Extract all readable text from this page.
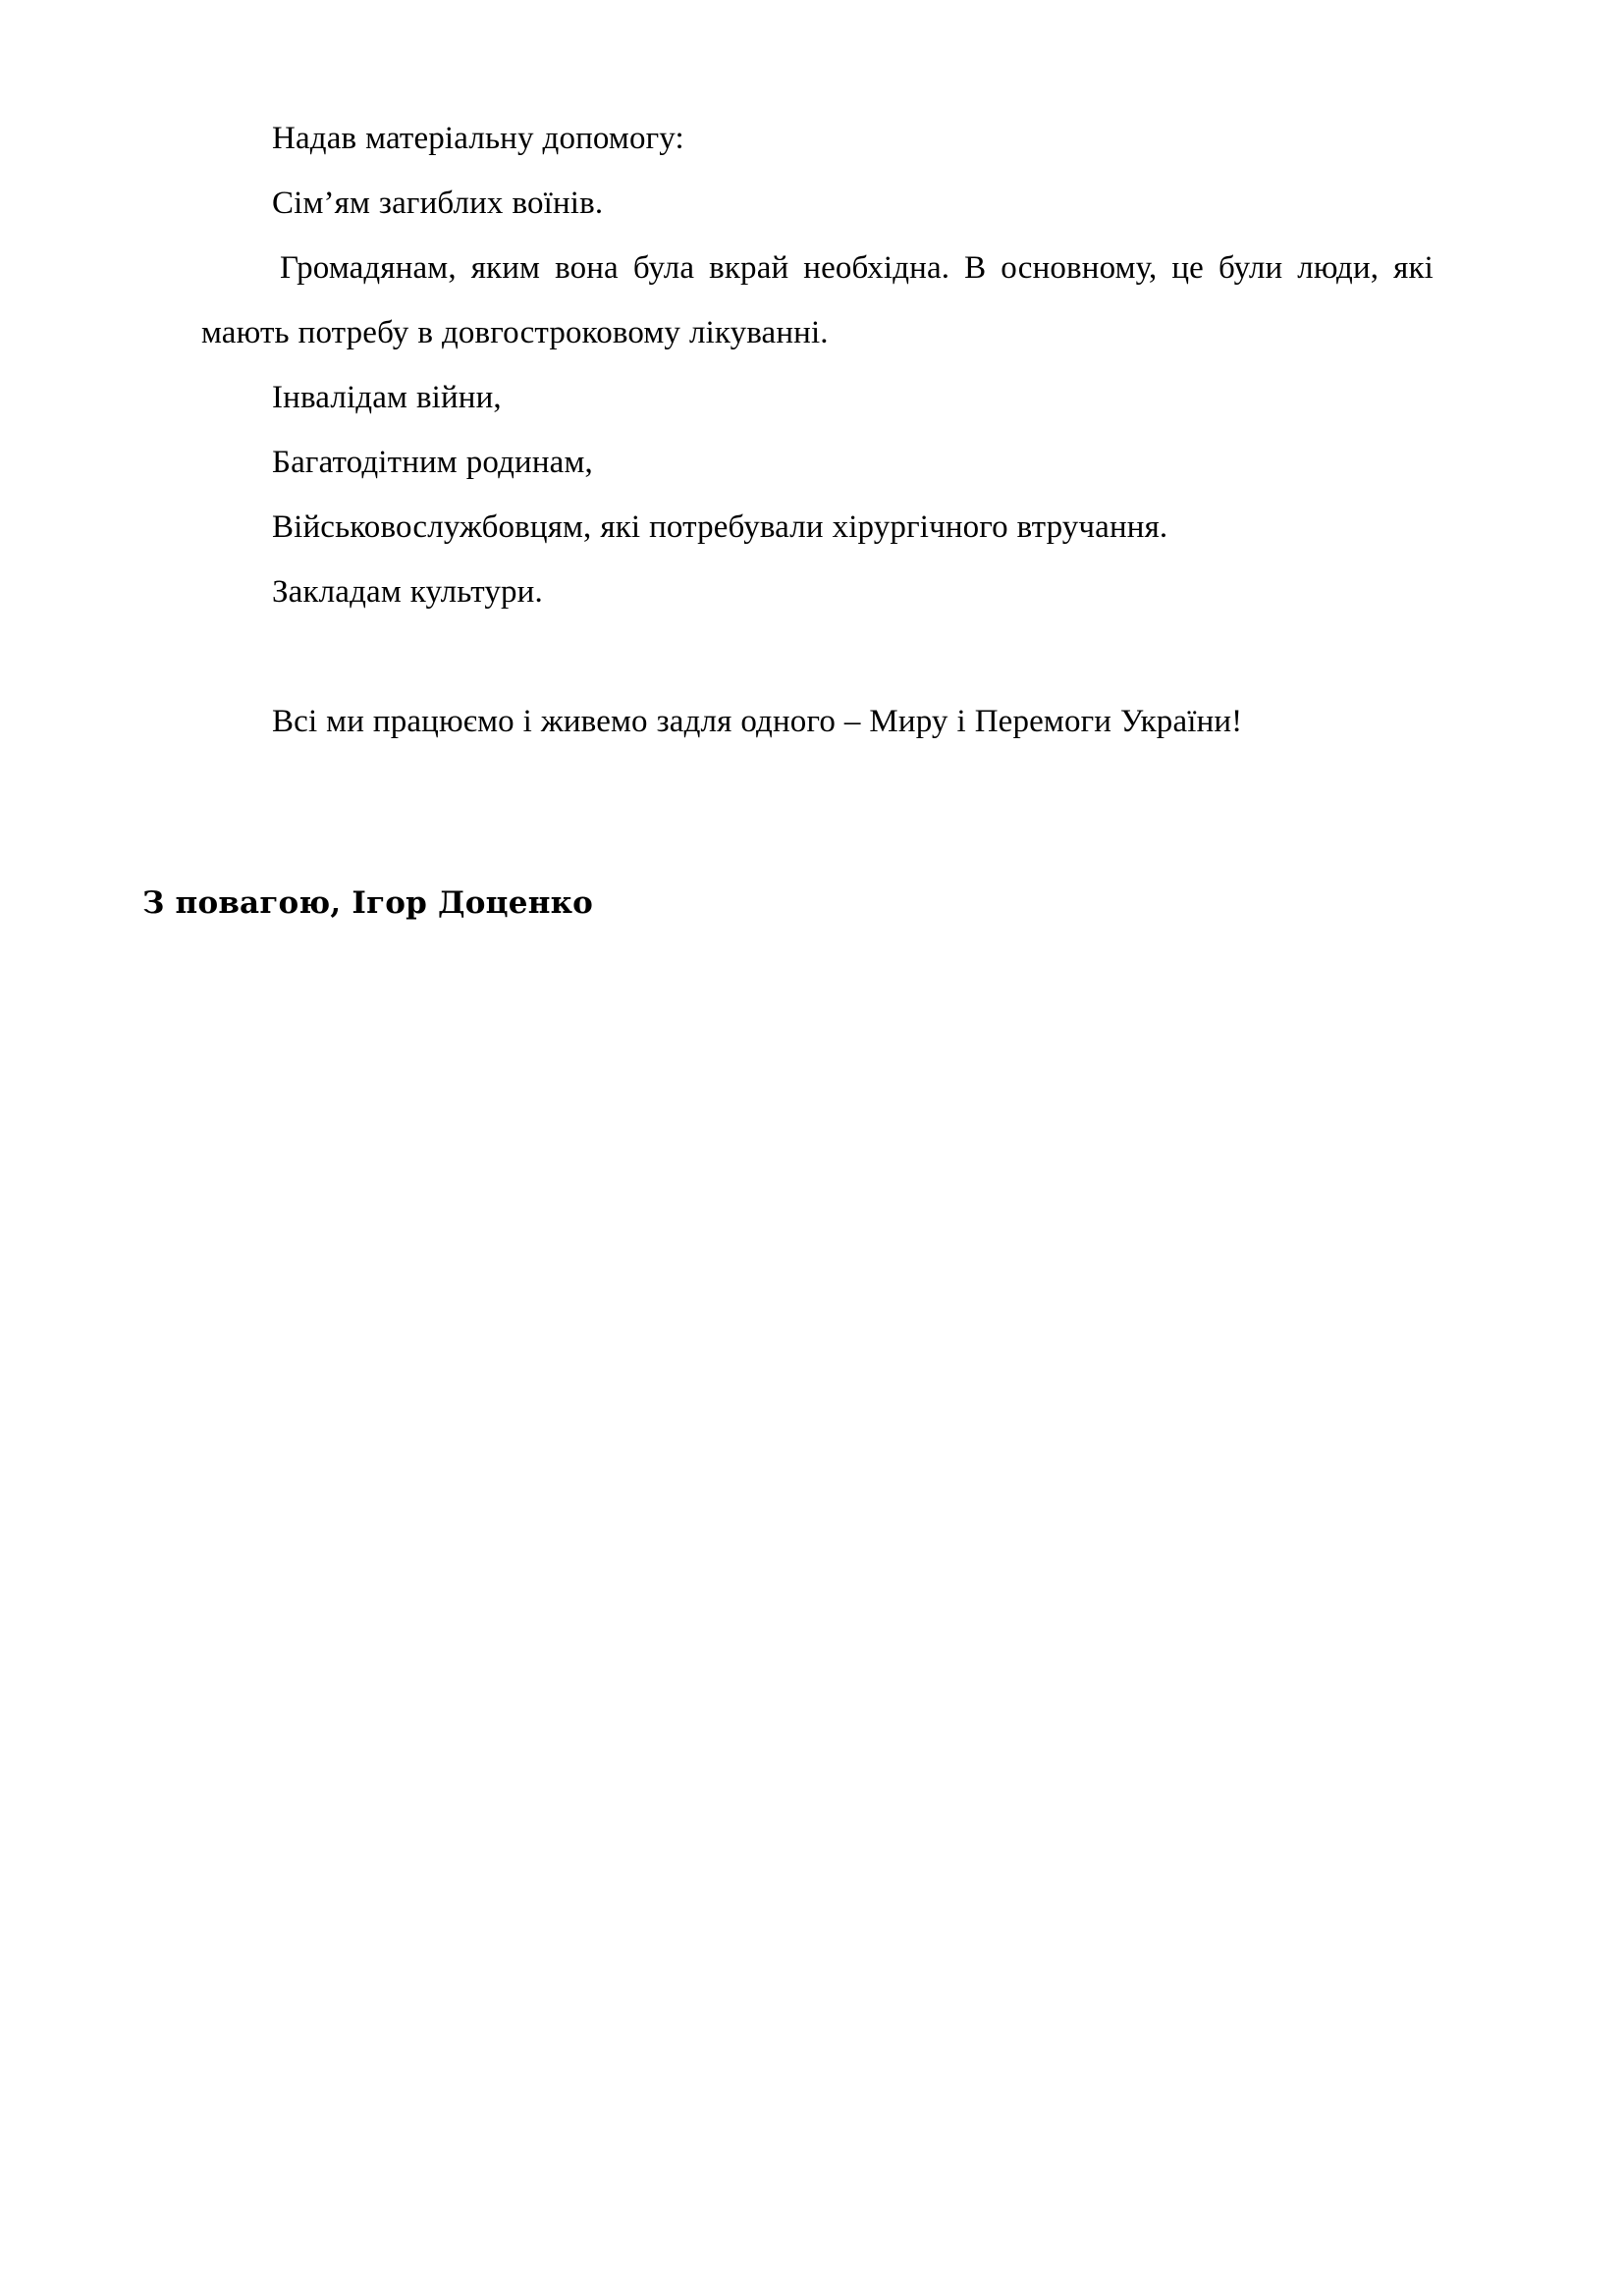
Надав матеріальну допомогу:

Сім’ям загиблих воїнів.

Громадянам, яким вона була вкрай необхідна. В основному, це були люди, які мають потребу в довгостроковому лікуванні.

Інвалідам війни,

Багатодітним родинам,

Військовослужбовцям, які потребували хірургічного втручання.

Закладам культури.

Всі ми працюємо і живемо задля одного – Миру і Перемоги України!

З повагою, Ігор Доценко
